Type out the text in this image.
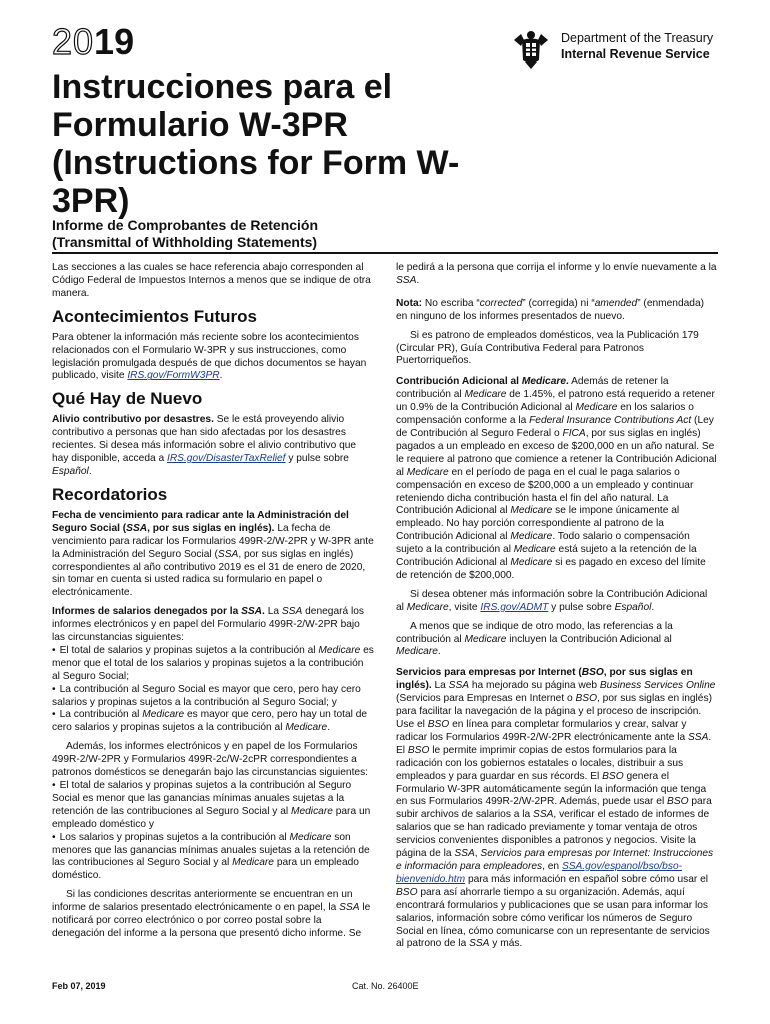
2019	Department of the Treasury
Internal Revenue Service
Instrucciones para el Formulario W-3PR (Instructions for Form W-3PR)
Informe de Comprobantes de Retención
(Transmittal of Withholding Statements)

Las secciones a las cuales se hace referencia abajo corresponden al Código Federal de Impuestos Internos a menos que se indique de otra manera.

Acontecimientos Futuros

Para obtener la información más reciente sobre los acontecimientos relacionados con el Formulario W-3PR y sus instrucciones, como legislación promulgada después de que dichos documentos se hayan publicado, visite IRS.gov/FormW3PR.

Qué Hay de Nuevo

Alivio contributivo por desastres. Se le está proveyendo alivio contributivo a personas que han sido afectadas por los desastres recientes. Si desea más información sobre el alivio contributivo que hay disponible, acceda a IRS.gov/DisasterTaxRelief y pulse sobre Español.

Recordatorios

Fecha de vencimiento para radicar ante la Administración del Seguro Social (SSA, por sus siglas en inglés). La fecha de vencimiento para radicar los Formularios 499R-2/W-2PR y W-3PR ante la Administración del Seguro Social (SSA, por sus siglas en inglés) correspondientes al año contributivo 2019 es el 31 de enero de 2020, sin tomar en cuenta si usted radica su formulario en papel o electrónicamente.

Informes de salarios denegados por la SSA. La SSA denegará los informes electrónicos y en papel del Formulario 499R-2/W-2PR bajo las circunstancias siguientes:

• El total de salarios y propinas sujetos a la contribución al Medicare es menor que el total de los salarios y propinas sujetos a la contribución al Seguro Social;
• La contribución al Seguro Social es mayor que cero, pero hay cero salarios y propinas sujetos a la contribución al Seguro Social; y
• La contribución al Medicare es mayor que cero, pero hay un total de cero salarios y propinas sujetos a la contribución al Medicare.

Además, los informes electrónicos y en papel de los Formularios 499R-2/W-2PR y Formularios 499R-2c/W-2cPR correspondientes a patronos domésticos se denegarán bajo las circunstancias siguientes:

• El total de salarios y propinas sujetos a la contribución al Seguro Social es menor que las ganancias mínimas anuales sujetas a la retención de las contribuciones al Seguro Social y al Medicare para un empleado doméstico y
• Los salarios y propinas sujetos a la contribución al Medicare son menores que las ganancias mínimas anuales sujetas a la retención de las contribuciones al Seguro Social y al Medicare para un empleado doméstico.

Si las condiciones descritas anteriormente se encuentran en un informe de salarios presentado electrónicamente o en papel, la SSA le notificará por correo electrónico o por correo postal sobre la denegación del informe a la persona que presentó dicho informe. Se

le pedirá a la persona que corrija el informe y lo envíe nuevamente a la SSA.

Nota: No escriba “corrected” (corregida) ni “amended” (enmendada) en ninguno de los informes presentados de nuevo.

Si es patrono de empleados domésticos, vea la Publicación 179 (Circular PR), Guía Contributiva Federal para Patronos Puertorriqueños.

Contribución Adicional al Medicare. Además de retener la contribución al Medicare de 1.45%, el patrono está requerido a retener un 0.9% de la Contribución Adicional al Medicare en los salarios o compensación conforme a la Federal Insurance Contributions Act (Ley de Contribución al Seguro Federal o FICA, por sus siglas en inglés) pagados a un empleado en exceso de $200,000 en un año natural. Se le requiere al patrono que comience a retener la Contribución Adicional al Medicare en el período de paga en el cual le paga salarios o compensación en exceso de $200,000 a un empleado y continuar reteniendo dicha contribución hasta el fin del año natural. La Contribución Adicional al Medicare se le impone únicamente al empleado. No hay porción correspondiente al patrono de la Contribución Adicional al Medicare. Todo salario o compensación sujeto a la contribución al Medicare está sujeto a la retención de la Contribución Adicional al Medicare si es pagado en exceso del límite de retención de $200,000.

Si desea obtener más información sobre la Contribución Adicional al Medicare, visite IRS.gov/ADMT y pulse sobre Español.

A menos que se indique de otro modo, las referencias a la contribución al Medicare incluyen la Contribución Adicional al Medicare.

Servicios para empresas por Internet (BSO, por sus siglas en inglés). La SSA ha mejorado su página web Business Services Online (Servicios para Empresas en Internet o BSO, por sus siglas en inglés) para facilitar la navegación de la página y el proceso de inscripción. Use el BSO en línea para completar formularios y crear, salvar y radicar los Formularios 499R-2/W-2PR electrónicamente ante la SSA. El BSO le permite imprimir copias de estos formularios para la radicación con los gobiernos estatales o locales, distribuir a sus empleados y para guardar en sus récords. El BSO genera el Formulario W-3PR automáticamente según la información que tenga en sus Formularios 499R-2/W-2PR. Además, puede usar el BSO para subir archivos de salarios a la SSA, verificar el estado de informes de salarios que se han radicado previamente y tomar ventaja de otros servicios convenientes disponibles a patronos y negocios. Visite la página de la SSA, Servicios para empresas por Internet: Instrucciones e información para empleadores, en SSA.gov/espanol/bso/bso-bienvenido.htm para más información en español sobre cómo usar el BSO para así ahorrarle tiempo a su organización. Además, aquí encontrará formularios y publicaciones que se usan para informar los salarios, información sobre cómo verificar los números de Seguro Social en línea, cómo comunicarse con un representante de servicios al patrono de la SSA y más.

Feb 07, 2019	Cat. No. 26400E
